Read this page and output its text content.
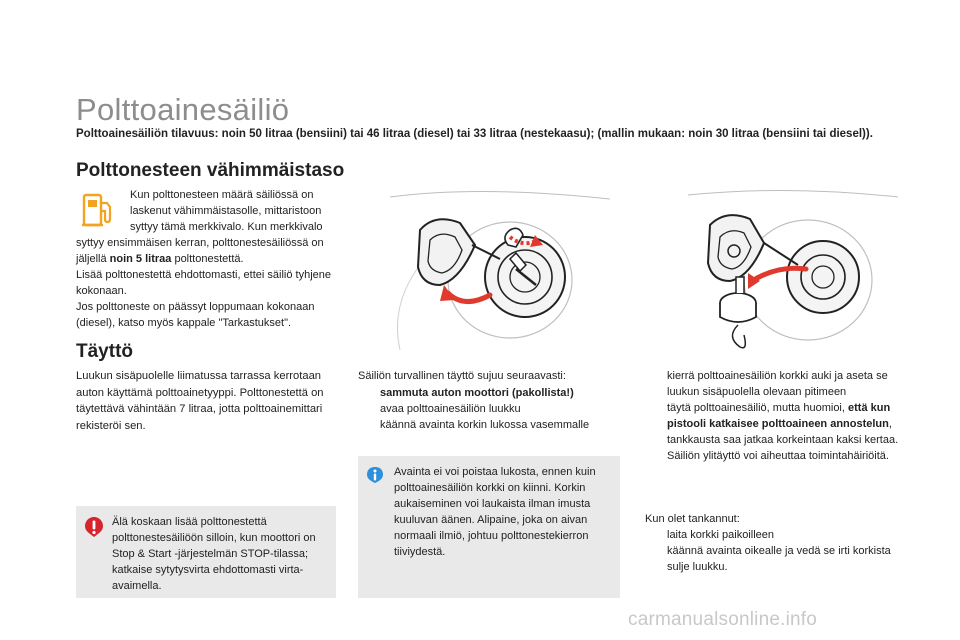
Polttoainesäiliö
Polttoainesäiliön tilavuus: noin 50 litraa (bensiini) tai 46 litraa (diesel) tai 33 litraa (nestekaasu); (mallin mukaan: noin 30 litraa (bensiini tai diesel)).
Polttonesteen vähimmäistaso
Kun polttonesteen määrä säiliössä on laskenut vähimmäistasolle, mittaristoon syttyy tämä merkkivalo. Kun merkkivalo
syttyy ensimmäisen kerran, polttonestesäiliössä on jäljellä noin 5 litraa polttonestettä.
Lisää polttonestettä ehdottomasti, ettei säiliö tyhjene kokonaan.
Jos polttoneste on päässyt loppumaan kokonaan (diesel), katso myös kappale "Tarkastukset".
Täyttö
Luukun sisäpuolelle liimatussa tarrassa kerrotaan auton käyttämä polttoainetyyppi. Polttonestettä on täytettävä vähintään 7 litraa, jotta polttoainemittari rekisteröi sen.
Älä koskaan lisää polttonestettä polttonestesäiliöön silloin, kun moottori on Stop & Start -järjestelmän STOP-tilassa; katkaise sytytysvirta ehdottomasti virta-avaimella.
Säiliön turvallinen täyttö sujuu seuraavasti:
sammuta auton moottori (pakollista!)
avaa polttoainesäiliön luukku
käännä avainta korkin lukossa vasemmalle
Avainta ei voi poistaa lukosta, ennen kuin polttoainesäiliön korkki on kiinni. Korkin aukaiseminen voi laukaista ilman imusta kuuluvan äänen. Alipaine, joka on aivan normaali ilmiö, johtuu polttonestekierron tiiviydestä.
kierrä polttoainesäiliön korkki auki ja aseta se luukun sisäpuolella olevaan pitimeen
täytä polttoainesäiliö, mutta huomioi, että kun pistooli katkaisee polttoaineen annostelun, tankkausta saa jatkaa korkeintaan kaksi kertaa. Säiliön ylitäyttö voi aiheuttaa toimintahäiriöitä.
Kun olet tankannut:
laita korkki paikoilleen
käännä avainta oikealle ja vedä se irti korkista
sulje luukku.
carmanualsonline.info
